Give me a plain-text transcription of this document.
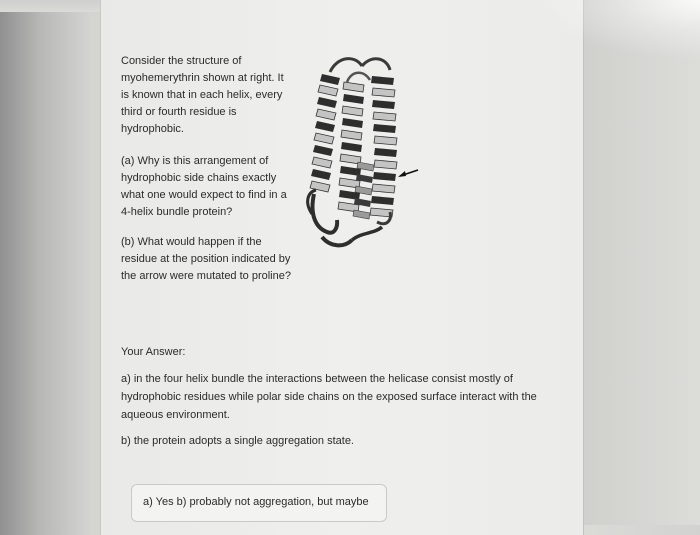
Consider the structure of myohemerythrin shown at right. It is known that in each helix, every third or fourth residue is hydrophobic.

(a) Why is this arrangement of hydrophobic side chains exactly what one would expect to find in a 4-helix bundle protein?

(b) What would happen if the residue at the position indicated by the arrow were mutated to proline?

Your Answer:

a) in the four helix bundle the interactions between the helicase consist mostly of hydrophobic residues while polar side chains on the exposed surface interact with the aqueous environment.

b) the protein adopts a single aggregation state.

a) Yes b) probably not aggregation, but maybe
